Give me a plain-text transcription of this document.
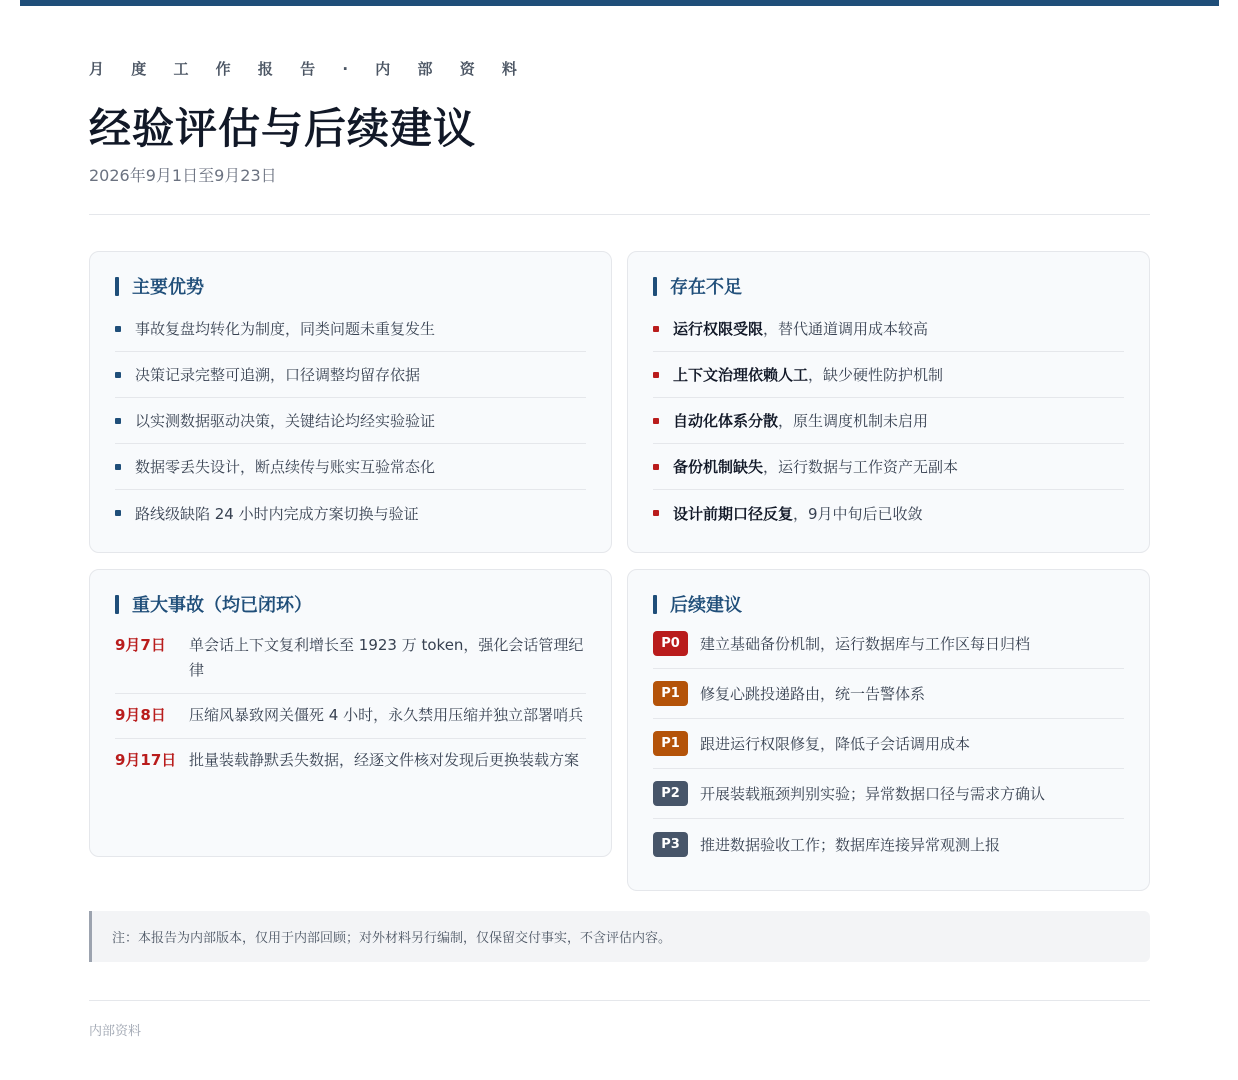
月 度 工 作 报 告 · 内 部 资 料
经验评估与后续建议
2026年9月1日至9月23日
主要优势
事故复盘均转化为制度，同类问题未重复发生
决策记录完整可追溯，口径调整均留存依据
以实测数据驱动决策，关键结论均经实验验证
数据零丢失设计，断点续传与账实互验常态化
路线级缺陷 24 小时内完成方案切换与验证
存在不足
运行权限受限，替代通道调用成本较高
上下文治理依赖人工，缺少硬性防护机制
自动化体系分散，原生调度机制未启用
备份机制缺失，运行数据与工作资产无副本
设计前期口径反复，9月中旬后已收敛
重大事故（均已闭环）
9月7日	单会话上下文复利增长至 1923 万 token，强化会话管理纪律
9月8日	压缩风暴致网关僵死 4 小时，永久禁用压缩并独立部署哨兵
9月17日 批量装载静默丢失数据，经逐文件核对发现后更换装载方案
后续建议
P0	建立基础备份机制，运行数据库与工作区每日归档
P1	修复心跳投递路由，统一告警体系
P1	跟进运行权限修复，降低子会话调用成本
P2	开展装载瓶颈判别实验；异常数据口径与需求方确认
P3	推进数据验收工作；数据库连接异常观测上报
注：本报告为内部版本，仅用于内部回顾；对外材料另行编制，仅保留交付事实，不含评估内容。
内部资料
